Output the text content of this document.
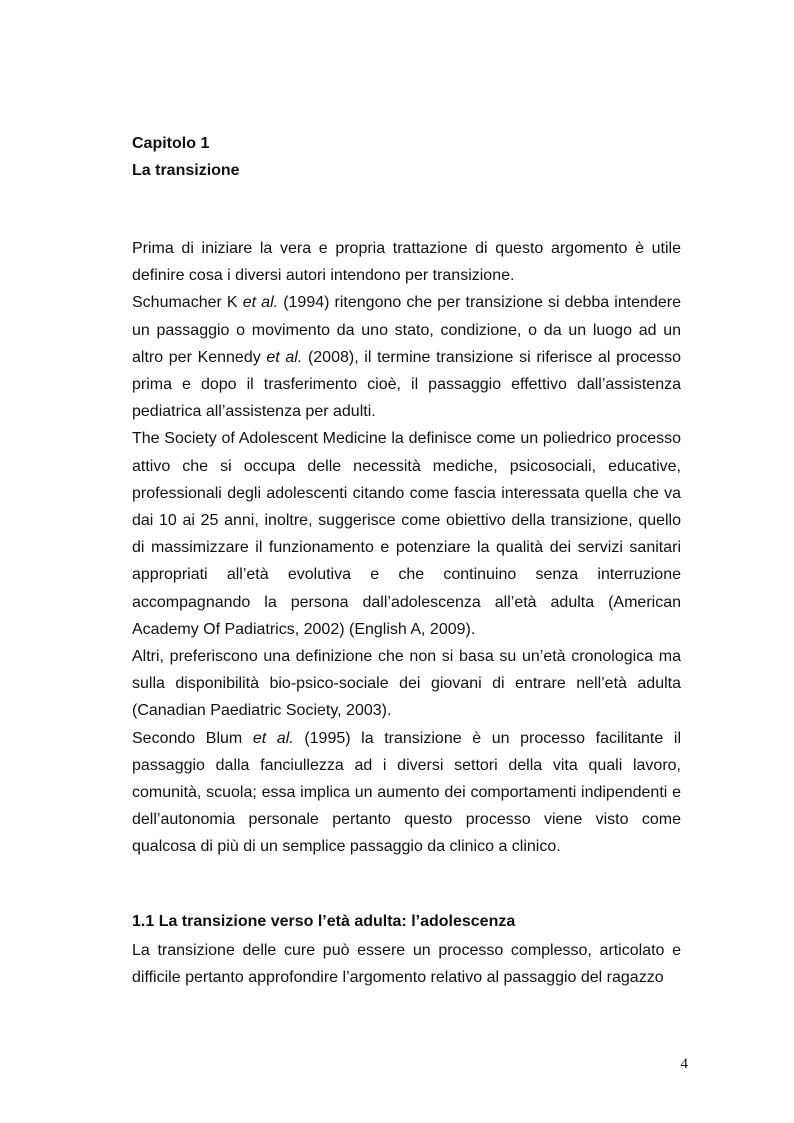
Capitolo 1

La transizione

Prima di iniziare la vera e propria trattazione di questo argomento è utile definire cosa i diversi autori intendono per transizione.

Schumacher K et al. (1994) ritengono che per transizione si debba intendere un passaggio o movimento da uno stato, condizione, o da un luogo ad un altro per Kennedy et al. (2008), il termine transizione si riferisce al processo prima e dopo il trasferimento cioè, il passaggio effettivo dall’assistenza pediatrica all’assistenza per adulti.

The Society of Adolescent Medicine la definisce come un poliedrico processo attivo che si occupa delle necessità mediche, psicosociali, educative, professionali degli adolescenti citando come fascia interessata quella che va dai 10 ai 25 anni, inoltre, suggerisce come obiettivo della transizione, quello di massimizzare il funzionamento e potenziare la qualità dei servizi sanitari appropriati all’età evolutiva e che continuino senza interruzione accompagnando la persona dall’adolescenza all’età adulta (American Academy Of Padiatrics, 2002) (English A, 2009).

Altri, preferiscono una definizione che non si basa su un’età cronologica ma sulla disponibilità bio-psico-sociale dei giovani di entrare nell’età adulta (Canadian Paediatric Society, 2003).

Secondo Blum et al. (1995) la transizione è un processo facilitante il passaggio dalla fanciullezza ad i diversi settori della vita quali lavoro, comunità, scuola; essa implica un aumento dei comportamenti indipendenti e dell’autonomia personale pertanto questo processo viene visto come qualcosa di più di un semplice passaggio da clinico a clinico.

1.1 La transizione verso l’età adulta: l’adolescenza

La transizione delle cure può essere un processo complesso, articolato e difficile pertanto approfondire l’argomento relativo al passaggio del ragazzo

4
